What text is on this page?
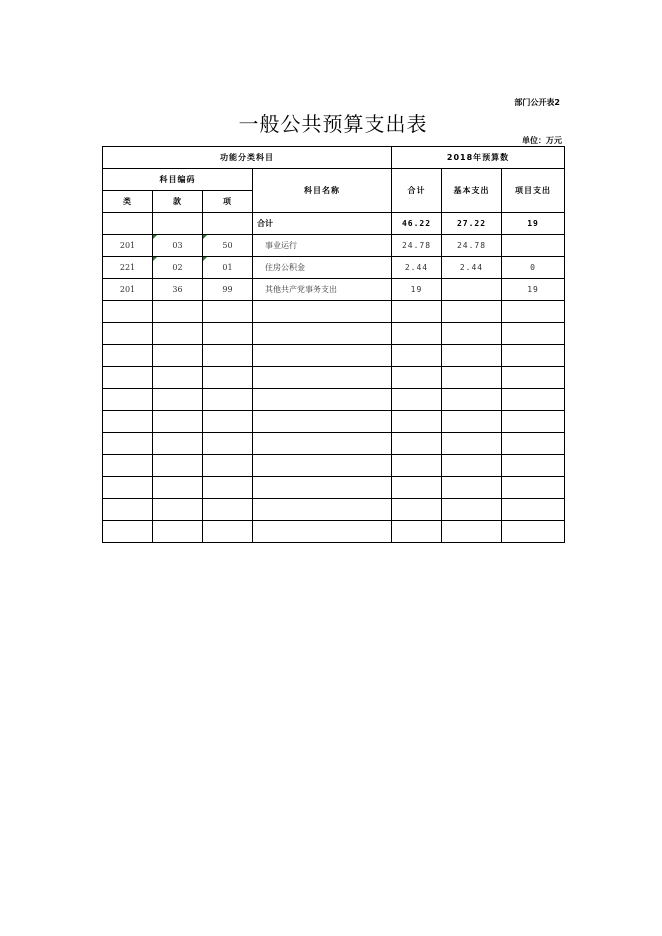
部门公开表2
一般公共预算支出表
单位：万元
功能分类科目				2018年预算数		
科目编码			科目名称	合计	基本支出	项目支出
类	款	项				
			合计	46.22	27.22	19
201	03	50	事业运行	24.78	24.78	
221	02	01	住房公积金	2.44	2.44	0
201	36	99	其他共产党事务支出	19		19
